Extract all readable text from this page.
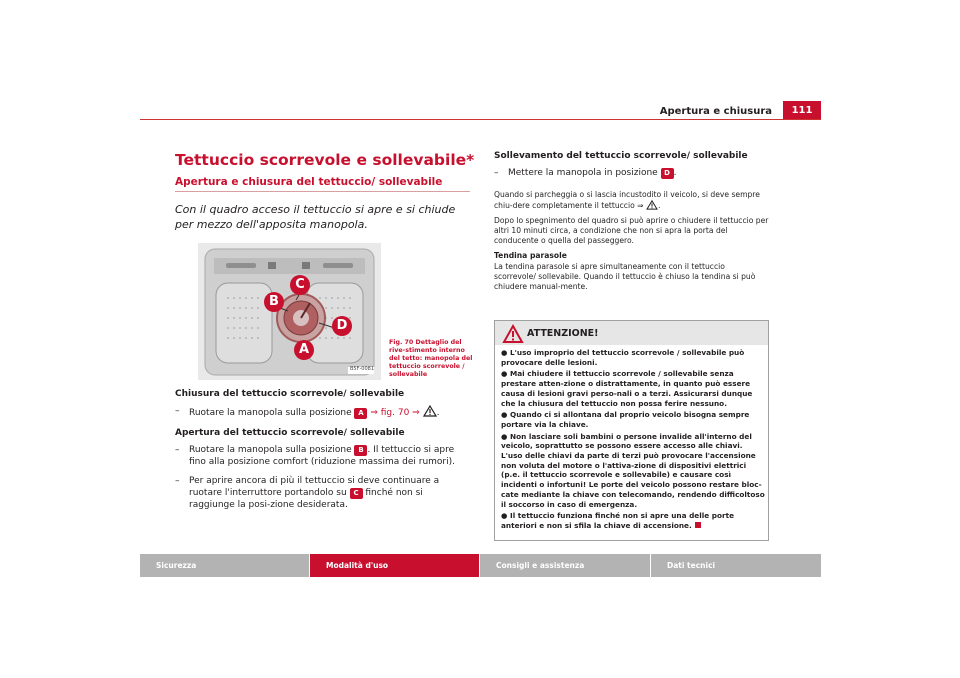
Apertura e chiusura	111
Tettuccio scorrevole e sollevabile*
Apertura e chiusura del tettuccio/ sollevabile
Con il quadro acceso il tettuccio si apre e si chiude per mezzo dell'apposita manopola.
B5F-0081
A
B
C
D
Fig. 70 Dettaglio del rive-stimento interno del tetto: manopola del tettuccio scorrevole / sollevabile
Chiusura del tettuccio scorrevole/ sollevabile
– Ruotare la manopola sulla posizione A ⇒ fig. 70 ⇒ .
Apertura del tettuccio scorrevole/ sollevabile
– Ruotare la manopola sulla posizione B . Il tettuccio si apre fino alla posizione comfort (riduzione massima dei rumori).
– Per aprire ancora di più il tettuccio si deve continuare a ruotare l'interruttore portandolo su C finché non si raggiunge la posi-zione desiderata.
Sollevamento del tettuccio scorrevole/ sollevabile
– Mettere la manopola in posizione D .
Quando si parcheggia o si lascia incustodito il veicolo, si deve sempre chiu-dere completamente il tettuccio ⇒ .
Dopo lo spegnimento del quadro si può aprire o chiudere il tettuccio per altri 10 minuti circa, a condizione che non si apra la porta del conducente o quella del passeggero.
Tendina parasole
La tendina parasole si apre simultaneamente con il tettuccio scorrevole/ sollevabile. Quando il tettuccio è chiuso la tendina si può chiudere manual-mente.
ATTENZIONE!
● L'uso improprio del tettuccio scorrevole / sollevabile può provocare delle lesioni.
● Mai chiudere il tettuccio scorrevole / sollevabile senza prestare atten-zione o distrattamente, in quanto può essere causa di lesioni gravi perso-nali o a terzi. Assicurarsi dunque che la chiusura del tettuccio non possa ferire nessuno.
● Quando ci si allontana dal proprio veicolo bisogna sempre portare via la chiave.
● Non lasciare soli bambini o persone invalide all'interno del veicolo, soprattutto se possono essere accesso alle chiavi. L'uso delle chiavi da parte di terzi può provocare l'accensione non voluta del motore o l'attiva-zione di dispositivi elettrici (p.e. il tettuccio scorrevole e sollevabile) e causare così incidenti o infortuni! Le porte del veicolo possono restare bloc-cate mediante la chiave con telecomando, rendendo difficoltoso il soccorso in caso di emergenza.
● Il tettuccio funziona finché non si apre una delle porte anteriori e non si sfila la chiave di accensione.
Sicurezza	Modalità d'uso	Consigli e assistenza	Dati tecnici
